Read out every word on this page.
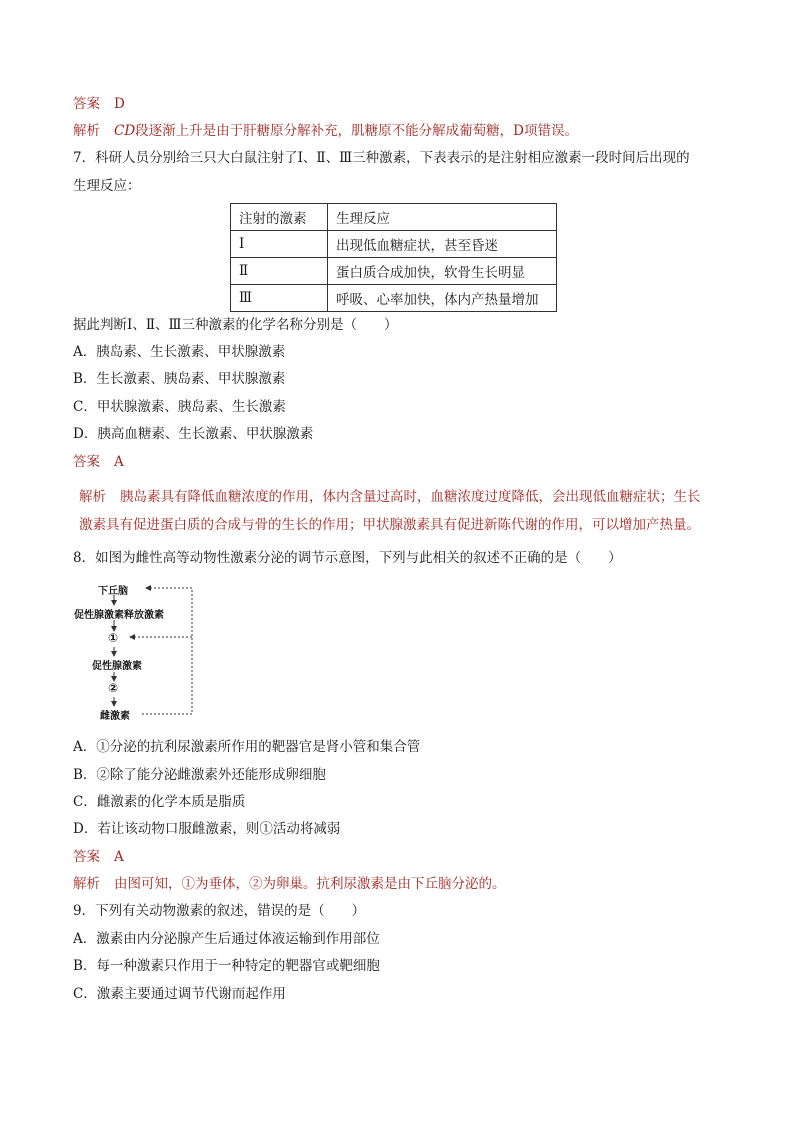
答案 D
解析 CD段逐渐上升是由于肝糖原分解补充，肌糖原不能分解成葡萄糖，D项错误。
7．科研人员分别给三只大白鼠注射了Ⅰ、Ⅱ、Ⅲ三种激素，下表表示的是注射相应激素一段时间后出现的
生理反应：
注射的激素	生理反应
Ⅰ	出现低血糖症状，甚至昏迷
Ⅱ	蛋白质合成加快，软骨生长明显
Ⅲ	呼吸、心率加快，体内产热量增加
据此判断Ⅰ、Ⅱ、Ⅲ三种激素的化学名称分别是（　　）
A．胰岛素、生长激素、甲状腺激素
B．生长激素、胰岛素、甲状腺激素
C．甲状腺激素、胰岛素、生长激素
D．胰高血糖素、生长激素、甲状腺激素
答案 A
解析 胰岛素具有降低血糖浓度的作用，体内含量过高时，血糖浓度过度降低，会出现低血糖症状；生长
激素具有促进蛋白质的合成与骨的生长的作用；甲状腺激素具有促进新陈代谢的作用，可以增加产热量。
8．如图为雌性高等动物性激素分泌的调节示意图，下列与此相关的叙述不正确的是（　　）
下丘脑
促性腺激素释放激素
①
促性腺激素
②
雌激素
A．①分泌的抗利尿激素所作用的靶器官是肾小管和集合管
B．②除了能分泌雌激素外还能形成卵细胞
C．雌激素的化学本质是脂质
D．若让该动物口服雌激素，则①活动将减弱
答案 A
解析 由图可知，①为垂体，②为卵巢。抗利尿激素是由下丘脑分泌的。
9．下列有关动物激素的叙述，错误的是（　　）
A．激素由内分泌腺产生后通过体液运输到作用部位
B．每一种激素只作用于一种特定的靶器官或靶细胞
C．激素主要通过调节代谢而起作用
